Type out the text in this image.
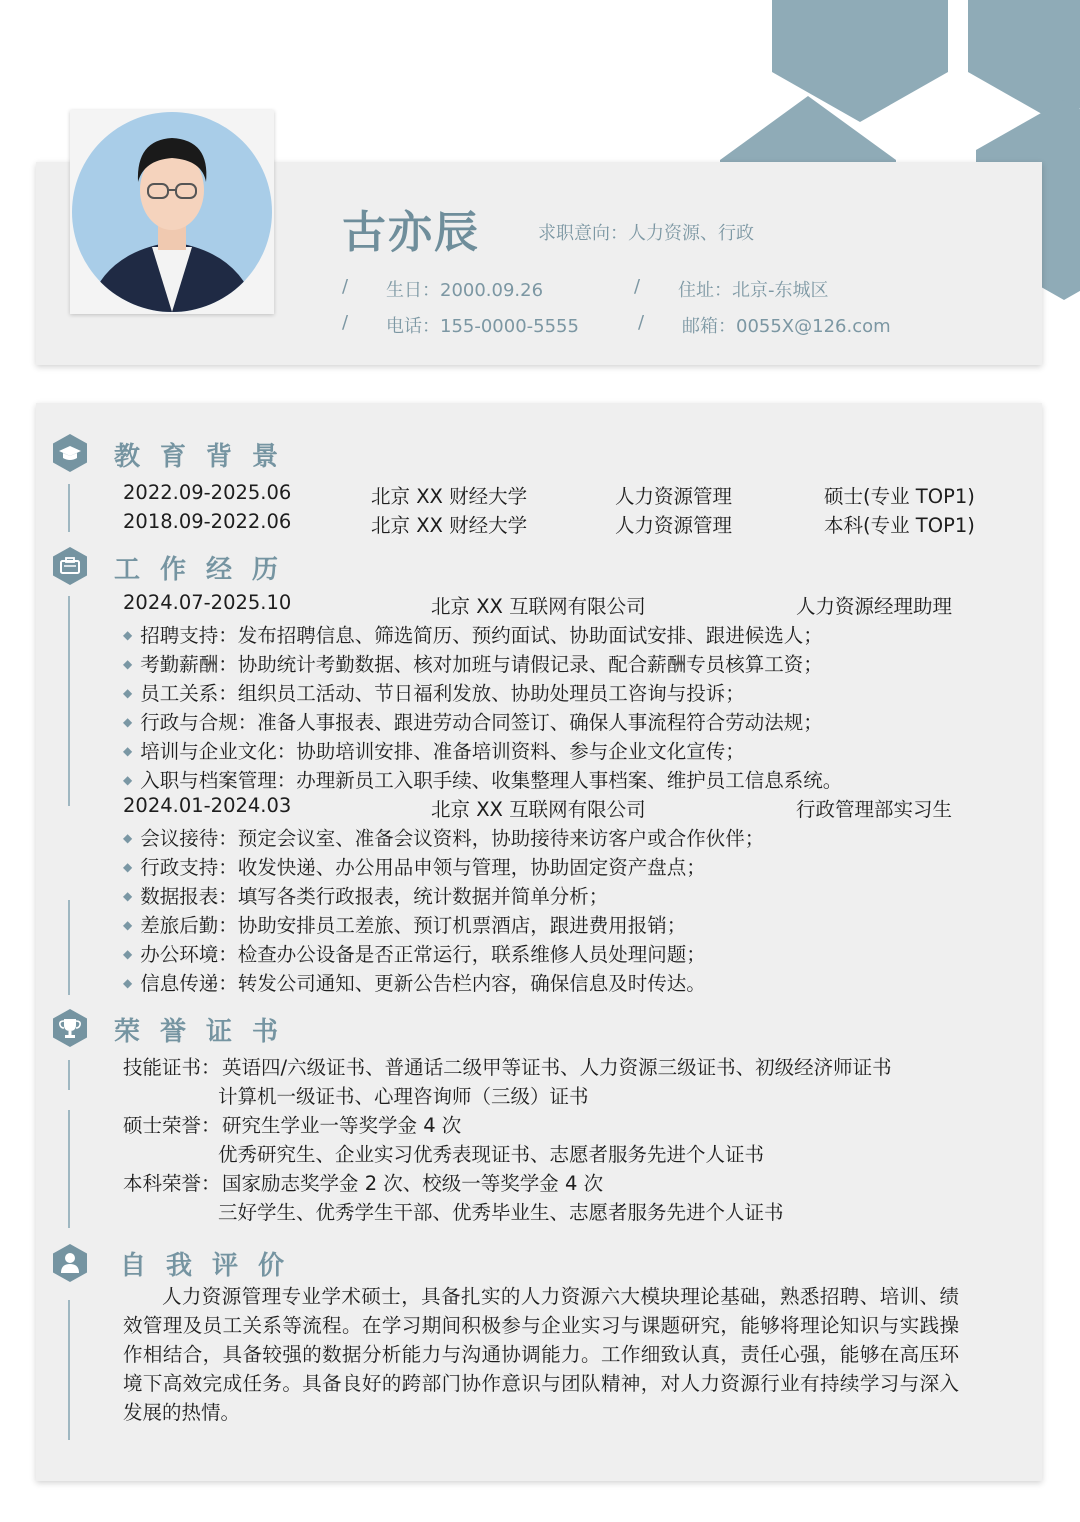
古亦辰	求职意向：人力资源、行政
/ 生日：2000.09.26	/ 住址：北京-东城区
/ 电话：155-0000-5555	/ 邮箱：0055X@126.com
教育背景
2022.09-2025.06	北京 XX 财经大学	人力资源管理	硕士(专业 TOP1)
2018.09-2022.06	北京 XX 财经大学	人力资源管理	本科(专业 TOP1)
工作经历
2024.07-2025.10	北京 XX 互联网有限公司	人力资源经理助理
◆ 招聘支持：发布招聘信息、筛选简历、预约面试、协助面试安排、跟进候选人；
◆ 考勤薪酬：协助统计考勤数据、核对加班与请假记录、配合薪酬专员核算工资；
◆ 员工关系：组织员工活动、节日福利发放、协助处理员工咨询与投诉；
◆ 行政与合规：准备人事报表、跟进劳动合同签订、确保人事流程符合劳动法规；
◆ 培训与企业文化：协助培训安排、准备培训资料、参与企业文化宣传；
◆ 入职与档案管理：办理新员工入职手续、收集整理人事档案、维护员工信息系统。
2024.01-2024.03	北京 XX 互联网有限公司	行政管理部实习生
◆ 会议接待：预定会议室、准备会议资料，协助接待来访客户或合作伙伴；
◆ 行政支持：收发快递、办公用品申领与管理，协助固定资产盘点；
◆ 数据报表：填写各类行政报表，统计数据并简单分析；
◆ 差旅后勤：协助安排员工差旅、预订机票酒店，跟进费用报销；
◆ 办公环境：检查办公设备是否正常运行，联系维修人员处理问题；
◆ 信息传递：转发公司通知、更新公告栏内容，确保信息及时传达。
荣誉证书
技能证书： 英语四/六级证书、普通话二级甲等证书、人力资源三级证书、初级经济师证书
计算机一级证书、心理咨询师（三级）证书
硕士荣誉： 研究生学业一等奖学金 4 次
优秀研究生、企业实习优秀表现证书、志愿者服务先进个人证书
本科荣誉： 国家励志奖学金 2 次、校级一等奖学金 4 次
三好学生、优秀学生干部、优秀毕业生、志愿者服务先进个人证书
自我评价
人力资源管理专业学术硕士，具备扎实的人力资源六大模块理论基础，熟悉招聘、培训、绩效管理及员工关系等流程。在学习期间积极参与企业实习与课题研究，能够将理论知识与实践操作相结合，具备较强的数据分析能力与沟通协调能力。工作细致认真，责任心强，能够在高压环境下高效完成任务。具备良好的跨部门协作意识与团队精神，对人力资源行业有持续学习与深入发展的热情。
